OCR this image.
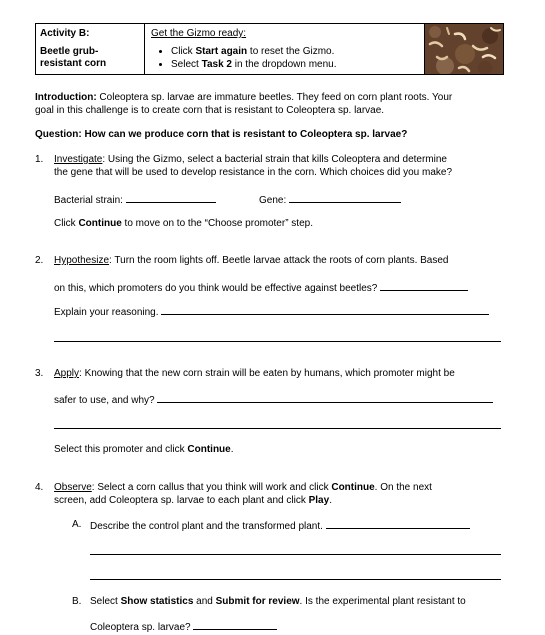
Activity B:
Beetle grub-
resistant corn
Get the Gizmo ready:
• Click Start again to reset the Gizmo.
• Select Task 2 in the dropdown menu.
Introduction: Coleoptera sp. larvae are immature beetles. They feed on corn plant roots. Your
goal in this challenge is to create corn that is resistant to Coleoptera sp. larvae.
Question: How can we produce corn that is resistant to Coleoptera sp. larvae?
1. Investigate: Using the Gizmo, select a bacterial strain that kills Coleoptera and determine
the gene that will be used to develop resistance in the corn. Which choices did you make?
Bacterial strain:	Gene:
Click Continue to move on to the “Choose promoter” step.
2. Hypothesize: Turn the room lights off. Beetle larvae attack the roots of corn plants. Based
on this, which promoters do you think would be effective against beetles?
Explain your reasoning.
3. Apply: Knowing that the new corn strain will be eaten by humans, which promoter might be
safer to use, and why?
Select this promoter and click Continue.
4. Observe: Select a corn callus that you think will work and click Continue. On the next
screen, add Coleoptera sp. larvae to each plant and click Play.
A. Describe the control plant and the transformed plant.
B. Select Show statistics and Submit for review. Is the experimental plant resistant to
Coleoptera sp. larvae?
